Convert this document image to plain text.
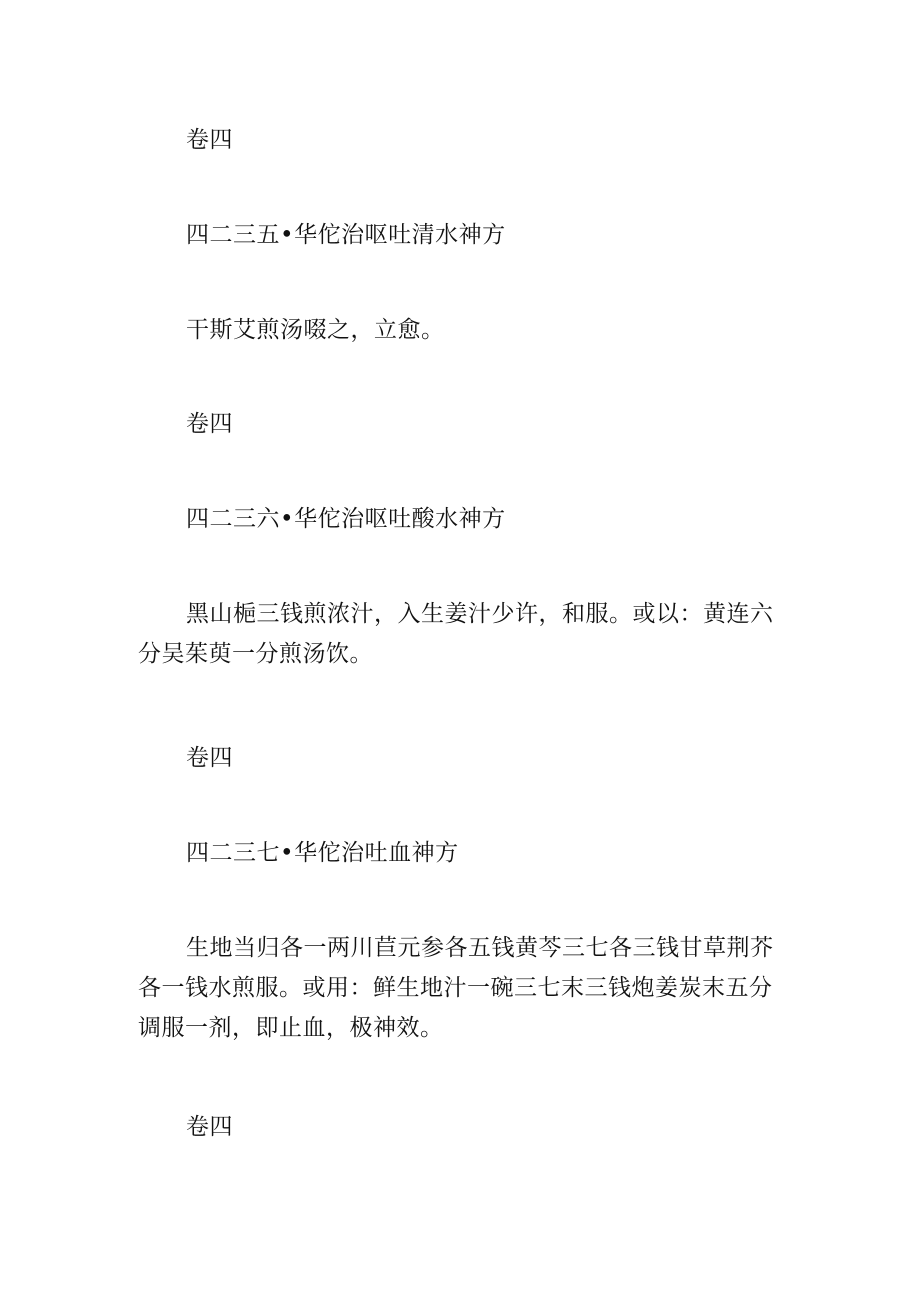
卷四

四二三五•华佗治呕吐清水神方

干斯艾煎汤啜之，立愈。

卷四

四二三六•华佗治呕吐酸水神方

黑山梔三钱煎浓汁，入生姜汁少许，和服。或以：黄连六分吴茱萸一分煎汤饮。

卷四

四二三七•华佗治吐血神方

生地当归各一两川苣元参各五钱黄芩三七各三钱甘草荆芥各一钱水煎服。或用：鲜生地汁一碗三七末三钱炮姜炭末五分调服一剂，即止血，极神效。

卷四
